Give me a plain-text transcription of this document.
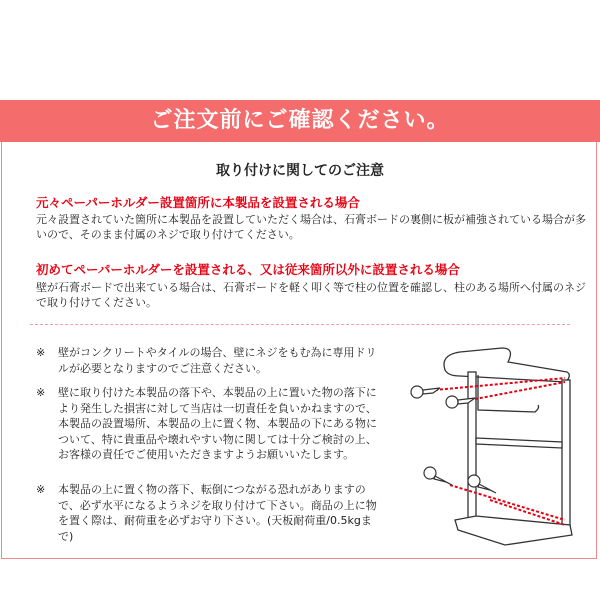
ご注文前にご確認ください。
取り付けに関してのご注意
元々ペーパーホルダー設置箇所に本製品を設置される場合
元々設置されていた箇所に本製品を設置していただく場合は、石膏ボードの裏側に板が補強されている場合が多いので、そのまま付属のネジで取り付けてください。
初めてペーパーホルダーを設置される、又は従来箇所以外に設置される場合
壁が石膏ボードで出来ている場合は、石膏ボードを軽く叩く等で柱の位置を確認し、柱のある場所へ付属のネジで取り付けてください。
※	壁がコンクリートやタイルの場合、壁にネジをもむ為に専用ドリルが必要となりますのでご注意ください。
※	壁に取り付けた本製品の落下や、本製品の上に置いた物の落下により発生した損害に対して当店は一切責任を負いかねますので、本製品の設置場所、本製品の上に置く物、本製品の下にある物について、特に貴重品や壊れやすい物に関しては十分ご検討の上、お客様の責任でご使用いただきますようお願いいたします。
※	本製品の上に置く物の落下、転倒につながる恐れがありますので、必ず水平になるようネジを取り付けて下さい。商品の上に物を置く際は、耐荷重を必ずお守り下さい。(天板耐荷重/0.5kgまで)
